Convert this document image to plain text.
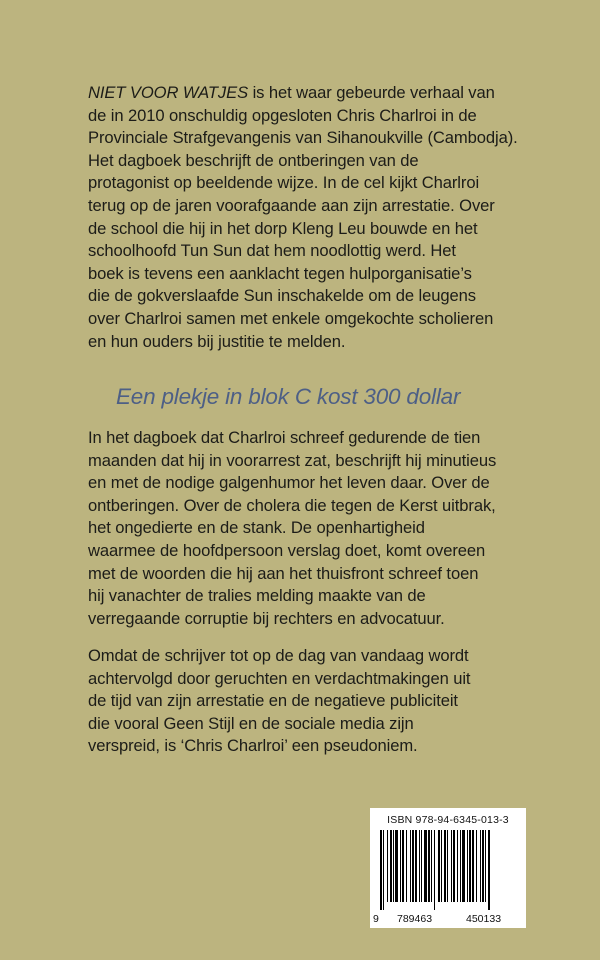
NIET VOOR WATJES is het waar gebeurde verhaal van
de in 2010 onschuldig opgesloten Chris Charlroi in de
Provinciale Strafgevangenis van Sihanoukville (Cambodja).
Het dagboek beschrijft de ontberingen van de
protagonist op beeldende wijze. In de cel kijkt Charlroi
terug op de jaren voorafgaande aan zijn arrestatie. Over
de school die hij in het dorp Kleng Leu bouwde en het
schoolhoofd Tun Sun dat hem noodlottig werd. Het
boek is tevens een aanklacht tegen hulporganisatie’s
die de gokverslaafde Sun inschakelde om de leugens
over Charlroi samen met enkele omgekochte scholieren
en hun ouders bij justitie te melden.

Een plekje in blok C kost 300 dollar

In het dagboek dat Charlroi schreef gedurende de tien
maanden dat hij in voorarrest zat, beschrijft hij minutieus
en met de nodige galgenhumor het leven daar. Over de
ontberingen. Over de cholera die tegen de Kerst uitbrak,
het ongedierte en de stank. De openhartigheid
waarmee de hoofdpersoon verslag doet, komt overeen
met de woorden die hij aan het thuisfront schreef toen
hij vanachter de tralies melding maakte van de
verregaande corruptie bij rechters en advocatuur.

Omdat de schrijver tot op de dag van vandaag wordt
achtervolgd door geruchten en verdachtmakingen uit
de tijd van zijn arrestatie en de negatieve publiciteit
die vooral Geen Stijl en de sociale media zijn
verspreid, is ‘Chris Charlroi’ een pseudoniem.

ISBN 978-94-6345-013-3
9 789463	450133
